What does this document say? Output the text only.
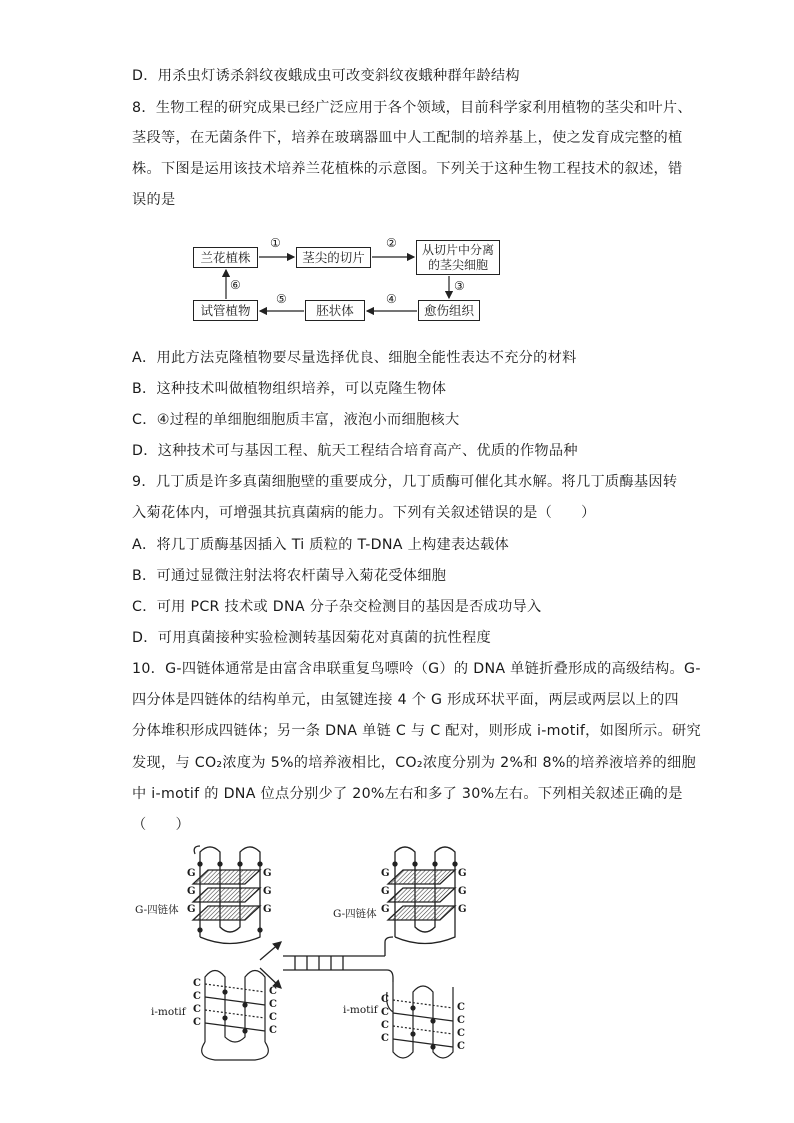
D．用杀虫灯诱杀斜纹夜蛾成虫可改变斜纹夜蛾种群年龄结构
8．生物工程的研究成果已经广泛应用于各个领域，目前科学家利用植物的茎尖和叶片、
茎段等，在无菌条件下，培养在玻璃器皿中人工配制的培养基上，使之发育成完整的植
株。下图是运用该技术培养兰花植株的示意图。下列关于这种生物工程技术的叙述，错
误的是
兰花植株	茎尖的切片
从切片中分离的茎尖细胞
愈伤组织
胚状体
试管植物
①	②
③
④
⑤
⑥
A．用此方法克隆植物要尽量选择优良、细胞全能性表达不充分的材料
B．这种技术叫做植物组织培养，可以克隆生物体
C．④过程的单细胞细胞质丰富，液泡小而细胞核大
D．这种技术可与基因工程、航天工程结合培育高产、优质的作物品种
9．几丁质是许多真菌细胞壁的重要成分，几丁质酶可催化其水解。将几丁质酶基因转
入菊花体内，可增强其抗真菌病的能力。下列有关叙述错误的是（　　）
A．将几丁质酶基因插入 Ti 质粒的 T-DNA 上构建表达载体
B．可通过显微注射法将农杆菌导入菊花受体细胞
C．可用 PCR 技术或 DNA 分子杂交检测目的基因是否成功导入
D．可用真菌接种实验检测转基因菊花对真菌的抗性程度
10．G-四链体通常是由富含串联重复鸟嘌呤（G）的 DNA 单链折叠形成的高级结构。G-
四分体是四链体的结构单元，由氢键连接 4 个 G 形成环状平面，两层或两层以上的四
分体堆积形成四链体；另一条 DNA 单链 C 与 C 配对，则形成 i-motif，如图所示。研究
发现，与 CO₂浓度为 5%的培养液相比，CO₂浓度分别为 2%和 8%的培养液培养的细胞
中 i-motif 的 DNA 位点分别少了 20%左右和多了 30%左右。下列相关叙述正确的是
（　　）
G-四链体	G-四链体
i-motif	i-motif
G
G
G
G
G
G
G
G
G
G
G
G
C
C
C
C
C
C
C
C
C
C
C
C
C
C
C
C
